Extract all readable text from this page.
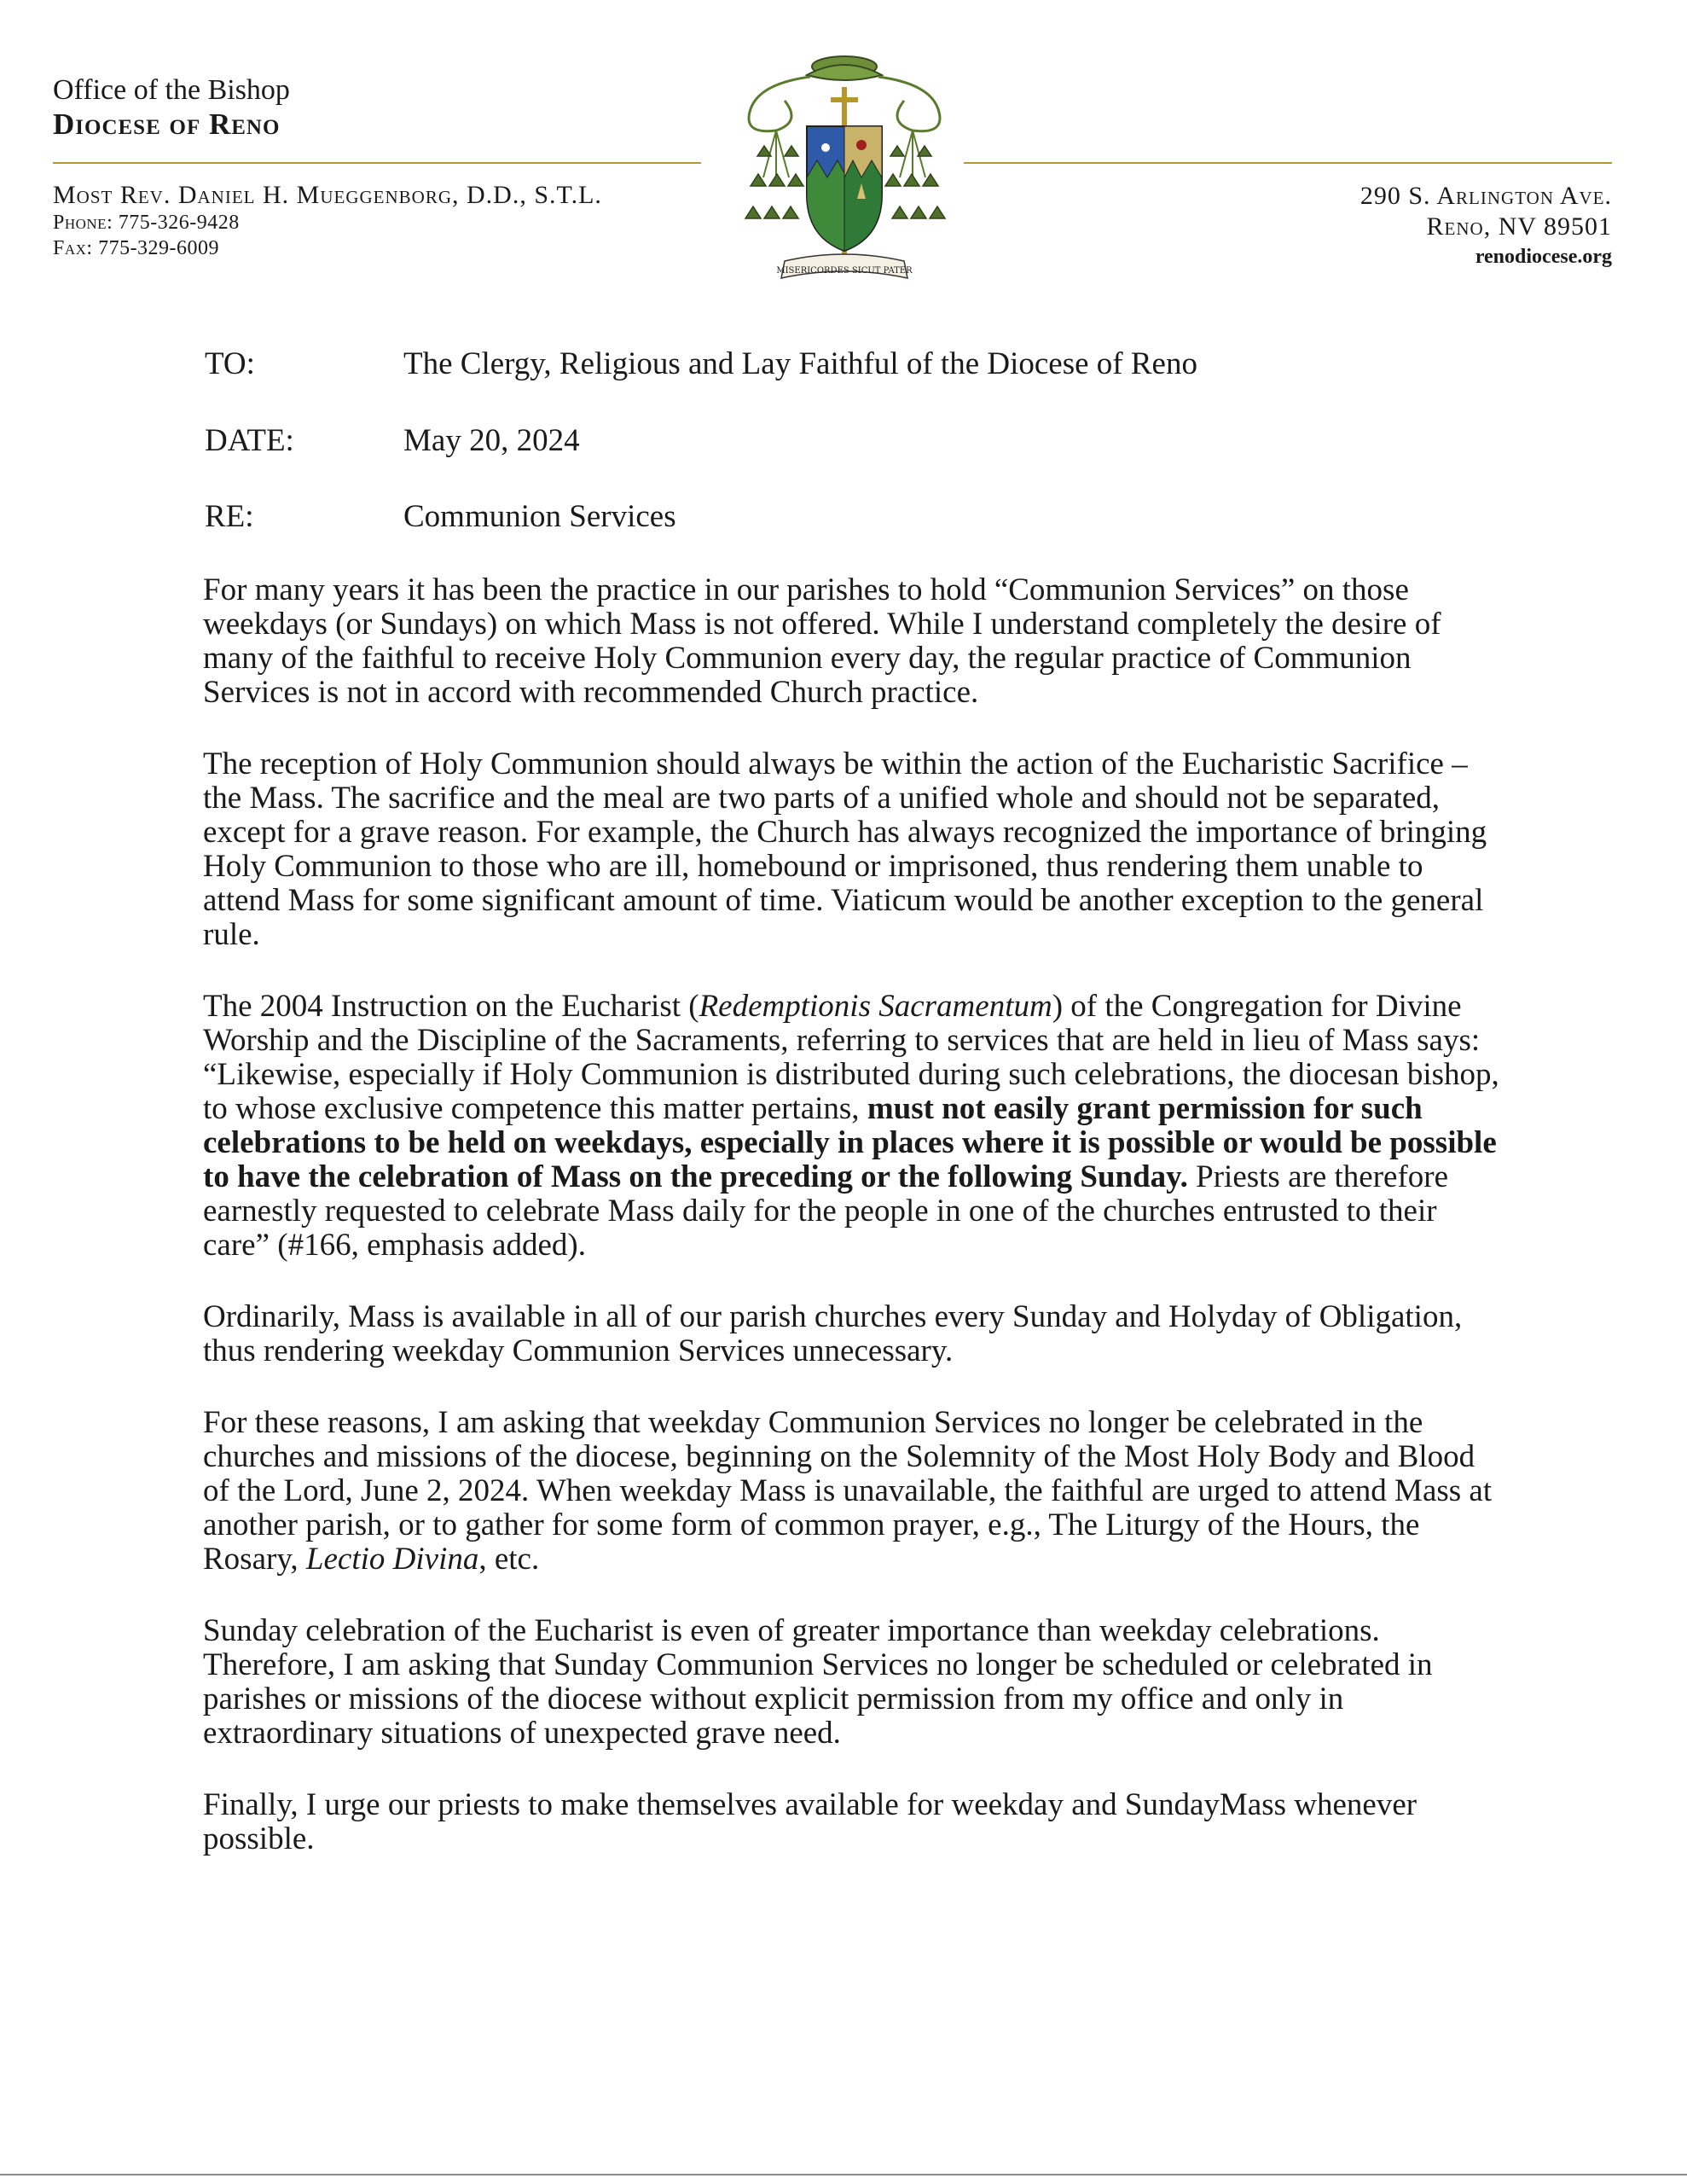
Office of the Bishop
Diocese of Reno
Most Rev. Daniel H. Mueggenborg, D.D., S.T.L.
Phone: 775-326-9428
Fax: 775-329-6009
290 S. Arlington Ave.
Reno, NV 89501
renodiocese.org
MISERICORDES SICUT PATER
TO:	The Clergy, Religious and Lay Faithful of the Diocese of Reno
DATE:	May 20, 2024
RE:	Communion Services

For many years it has been the practice in our parishes to hold “Communion Services” on those weekdays (or Sundays) on which Mass is not offered. While I understand completely the desire of many of the faithful to receive Holy Communion every day, the regular practice of Communion Services is not in accord with recommended Church practice.

The reception of Holy Communion should always be within the action of the Eucharistic Sacrifice – the Mass. The sacrifice and the meal are two parts of a unified whole and should not be separated, except for a grave reason. For example, the Church has always recognized the importance of bringing Holy Communion to those who are ill, homebound or imprisoned, thus rendering them unable to attend Mass for some significant amount of time. Viaticum would be another exception to the general rule.

The 2004 Instruction on the Eucharist (Redemptionis Sacramentum) of the Congregation for Divine Worship and the Discipline of the Sacraments, referring to services that are held in lieu of Mass says: “Likewise, especially if Holy Communion is distributed during such celebrations, the diocesan bishop, to whose exclusive competence this matter pertains, must not easily grant permission for such celebrations to be held on weekdays, especially in places where it is possible or would be possible to have the celebration of Mass on the preceding or the following Sunday. Priests are therefore earnestly requested to celebrate Mass daily for the people in one of the churches entrusted to their care” (#166, emphasis added).

Ordinarily, Mass is available in all of our parish churches every Sunday and Holyday of Obligation, thus rendering weekday Communion Services unnecessary.

For these reasons, I am asking that weekday Communion Services no longer be celebrated in the churches and missions of the diocese, beginning on the Solemnity of the Most Holy Body and Blood of the Lord, June 2, 2024. When weekday Mass is unavailable, the faithful are urged to attend Mass at another parish, or to gather for some form of common prayer, e.g., The Liturgy of the Hours, the Rosary, Lectio Divina, etc.

Sunday celebration of the Eucharist is even of greater importance than weekday celebrations. Therefore, I am asking that Sunday Communion Services no longer be scheduled or celebrated in parishes or missions of the diocese without explicit permission from my office and only in extraordinary situations of unexpected grave need.

Finally, I urge our priests to make themselves available for weekday and SundayMass whenever possible.
